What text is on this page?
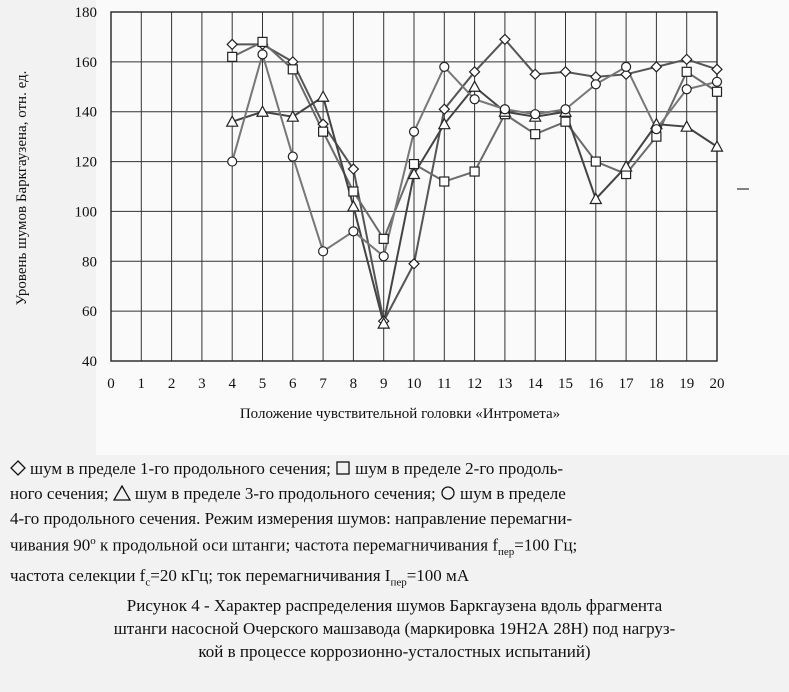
0 1 2 3 4 5 6 7 8 9 10 11 12 13 14 15 16 17 18 19 20
40
60
80
100
120
140
160
180
Уровень шумов Баркгаузена, отн. ед.
Положение чувствительной головки «Интромета»
шум в пределе 1-го продольного сечения; шум в пределе 2-го продоль-
ного сечения; шум в пределе 3-го продольного сечения; шум в пределе
4-го продольного сечения. Режим измерения шумов: направление перемагни-
чивания $90^о$ к продольной оси штанги; частота перемагничивания $f_{пер}=100$ Гц;
частота селекции $f_c=20$ кГц; ток перемагничивания $I_{пер}=100$ мА
Рисунок 4 - Характер распределения шумов Баркгаузена вдоль фрагмента
штанги насосной Очерского машзавода (маркировка 19Н2А 28Н) под нагруз-
кой в процессе коррозионно-усталостных испытаний)
